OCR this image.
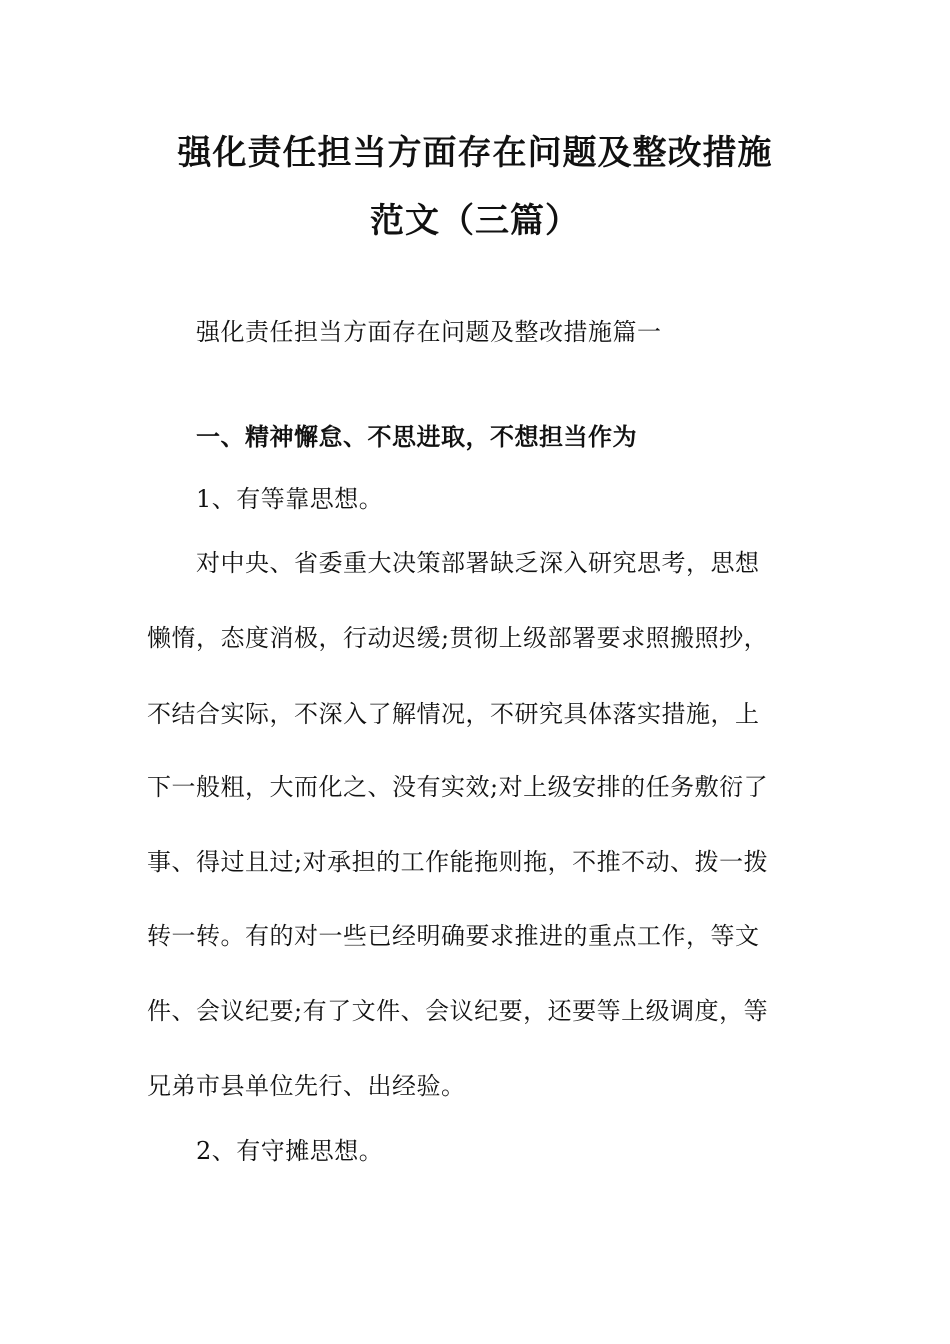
强化责任担当方面存在问题及整改措施
范文（三篇）
强化责任担当方面存在问题及整改措施篇一
一、精神懈怠、不思进取，不想担当作为
1、有等靠思想。
对中央、省委重大决策部署缺乏深入研究思考，思想
懒惰，态度消极，行动迟缓;贯彻上级部署要求照搬照抄，
不结合实际，不深入了解情况，不研究具体落实措施，上
下一般粗，大而化之、没有实效;对上级安排的任务敷衍了
事、得过且过;对承担的工作能拖则拖，不推不动、拨一拨
转一转。有的对一些已经明确要求推进的重点工作，等文
件、会议纪要;有了文件、会议纪要，还要等上级调度，等
兄弟市县单位先行、出经验。
2、有守摊思想。
